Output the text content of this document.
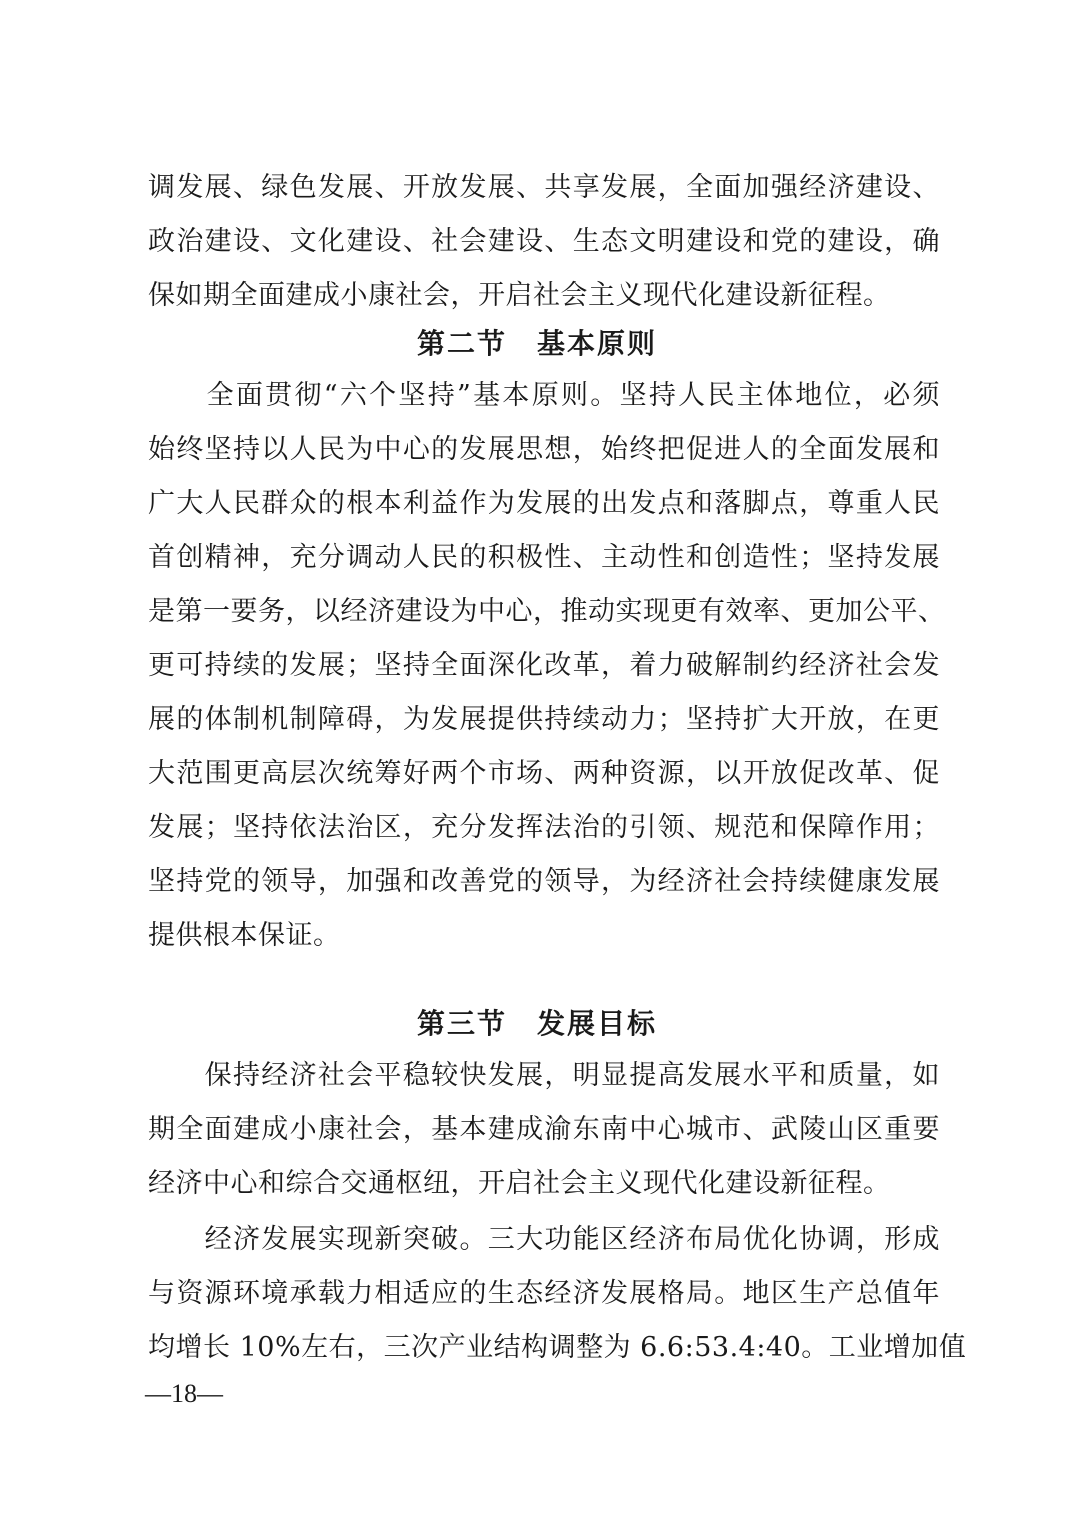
调发展、绿色发展、开放发展、共享发展，全面加强经济建设、
政治建设、文化建设、社会建设、生态文明建设和党的建设，确
保如期全面建成小康社会，开启社会主义现代化建设新征程。
第二节　基本原则
　　全面贯彻“六个坚持”基本原则。坚持人民主体地位，必须
始终坚持以人民为中心的发展思想，始终把促进人的全面发展和
广大人民群众的根本利益作为发展的出发点和落脚点，尊重人民
首创精神，充分调动人民的积极性、主动性和创造性；坚持发展
是第一要务，以经济建设为中心，推动实现更有效率、更加公平、
更可持续的发展；坚持全面深化改革，着力破解制约经济社会发
展的体制机制障碍，为发展提供持续动力；坚持扩大开放，在更
大范围更高层次统筹好两个市场、两种资源，以开放促改革、促
发展；坚持依法治区，充分发挥法治的引领、规范和保障作用；
坚持党的领导，加强和改善党的领导，为经济社会持续健康发展
提供根本保证。
第三节　发展目标
　　保持经济社会平稳较快发展，明显提高发展水平和质量，如
期全面建成小康社会，基本建成渝东南中心城市、武陵山区重要
经济中心和综合交通枢纽，开启社会主义现代化建设新征程。
　　经济发展实现新突破。三大功能区经济布局优化协调，形成
与资源环境承载力相适应的生态经济发展格局。地区生产总值年
均增长 10%左右，三次产业结构调整为 6.6:53.4:40。工业增加值
—18—
